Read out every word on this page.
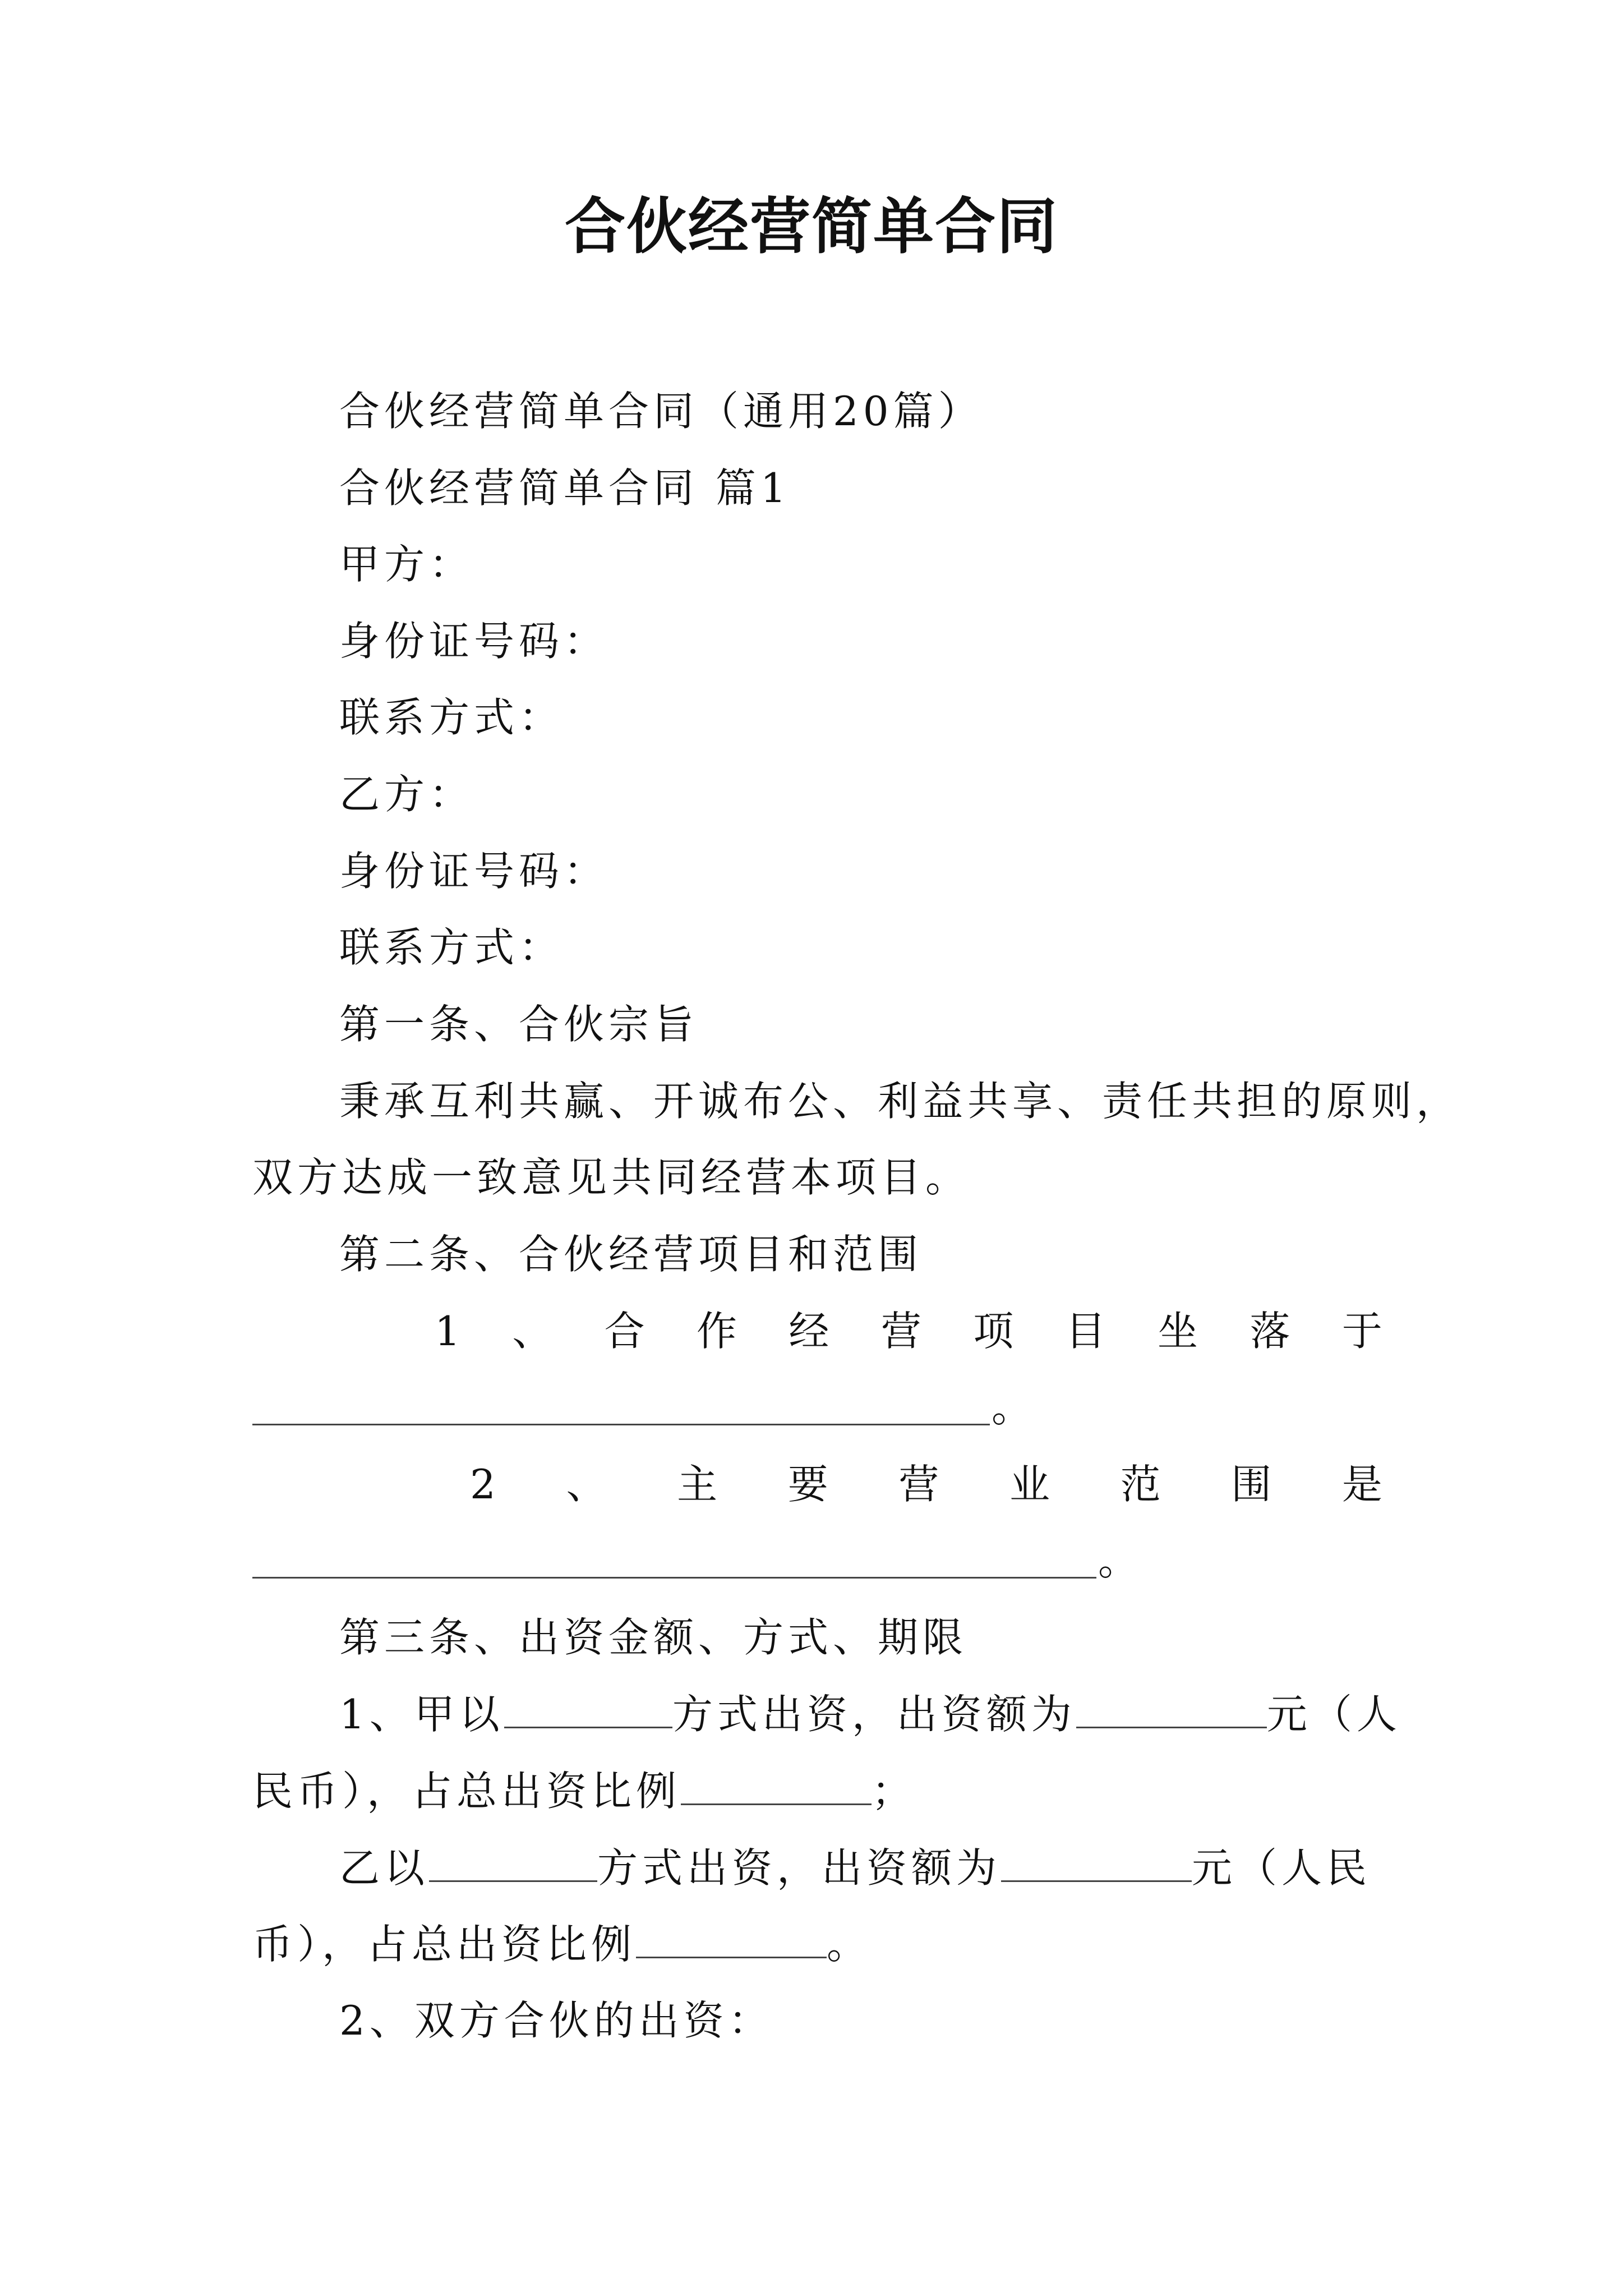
合伙经营简单合同
合伙经营简单合同（通用20篇）
合伙经营简单合同 篇1
甲方：
身份证号码：
联系方式：
乙方：
身份证号码：
联系方式：
第一条、合伙宗旨
秉承互利共赢、开诚布公、利益共享、责任共担的原则，
双方达成一致意见共同经营本项目。
第二条、合伙经营项目和范围
1 、 合 作 经 营 项 目 坐 落 于
。
2 、 主 要 营 业 范 围 是
。
第三条、出资金额、方式、期限
1、甲以	方式出资，出资额为	元（人
民币），占总出资比例	；
乙以	方式出资，出资额为	元（人民
币），占总出资比例	。
2、双方合伙的出资：
